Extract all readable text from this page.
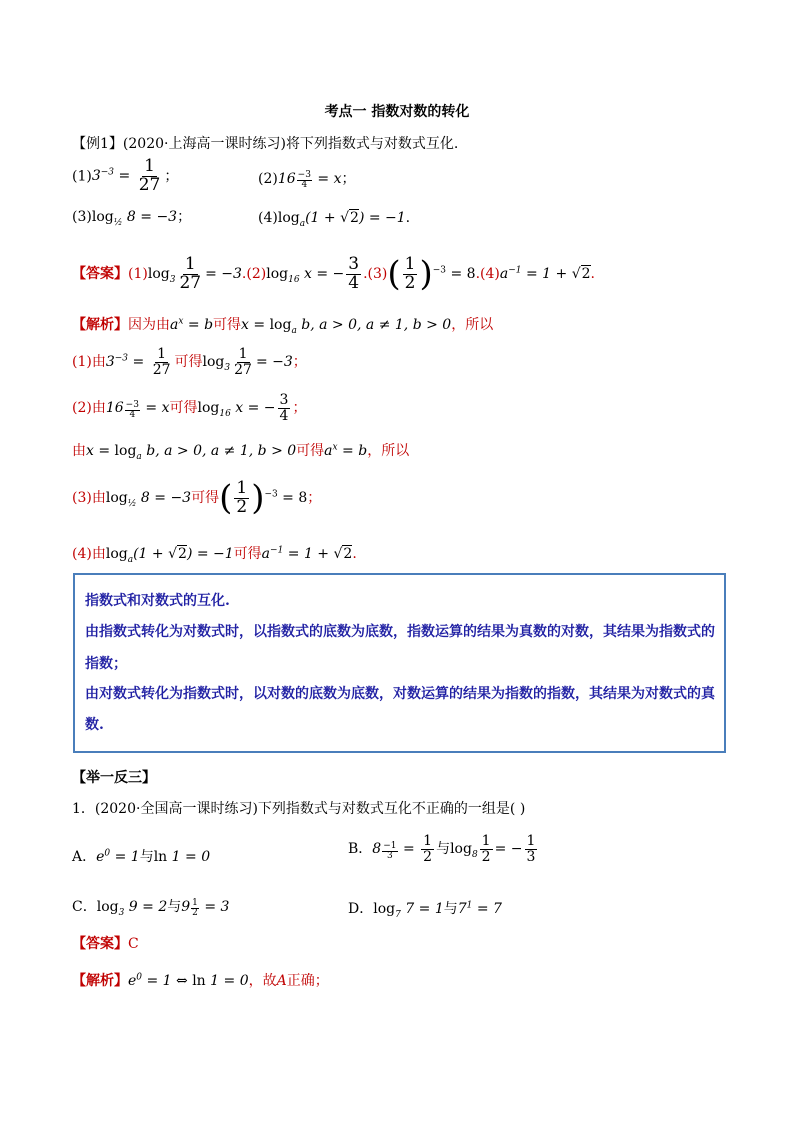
考点一 指数对数的转化
【例1】(2020·上海高一课时练习)将下列指数式与对数式互化.
$(1)3^{-3} = \frac{1}{27}$ ；	$(2)16 \frac{-3}{4} = x$；
$(3)\log_{\frac{1}{2}}$ 8 = −3；	$(4)\log_a(1 + √2) = -1$.
【答案】$(1)\log_3 \frac{1}{27} = -3.(2)\log_{16}$ x = − $\frac{3}{4} .(3)( \frac{1}{2} )^{-3} = 8.(4)a^{-1} = 1 + √2$.
【解析】因为由$a^x = b$可得$x = \log_a b$, a > 0, a ≠ 1, b > 0，所以
(1)由$3^{-3} = \frac{1}{27}$ 可得$\log_3 \frac{1}{27} = -3$；
(2)由$16 \frac{-3}{4} = x$可得$\log_{16} x$ = − $\frac{3}{4}$ ；
由$x = \log_a b$, a > 0, a ≠ 1, b > 0可得$a^x = b$，所以
(3)由$\log_{\frac{1}{2}} 8 = -3$可得( $\frac{1}{2} )^{-3} = 8$；
(4)由$\log_a(1 + √2) = -1$可得$a^{-1} = 1 + √2$.

指数式和对数式的互化.

由指数式转化为对数式时，以指数式的底数为底数，指数运算的结果为真数的对数，其结果为指数式的

指数；

由对数式转化为指数式时，以对数的底数为底数，对数运算的结果为指数的指数，其结果为对数式的真

数.

【举一反三】
1．(2020·全国高一课时练习)下列指数式与对数式互化不正确的一组是( )
A．$e^0 = 1$与ln 1 = 0	B．$8 \frac{-1}{3} = \frac{1}{2}$ 与$\log_8 \frac{1}{2}$ = − $\frac{1}{3}$
C．$\log_3 9 = 2$与$9 \frac{1}{2} = 3$	D．$\log_7 7 = 1$与$7^1 = 7$
【答案】C
【解析】$e^0 = 1$ ⇔ ln 1 = 0，故A正确；
